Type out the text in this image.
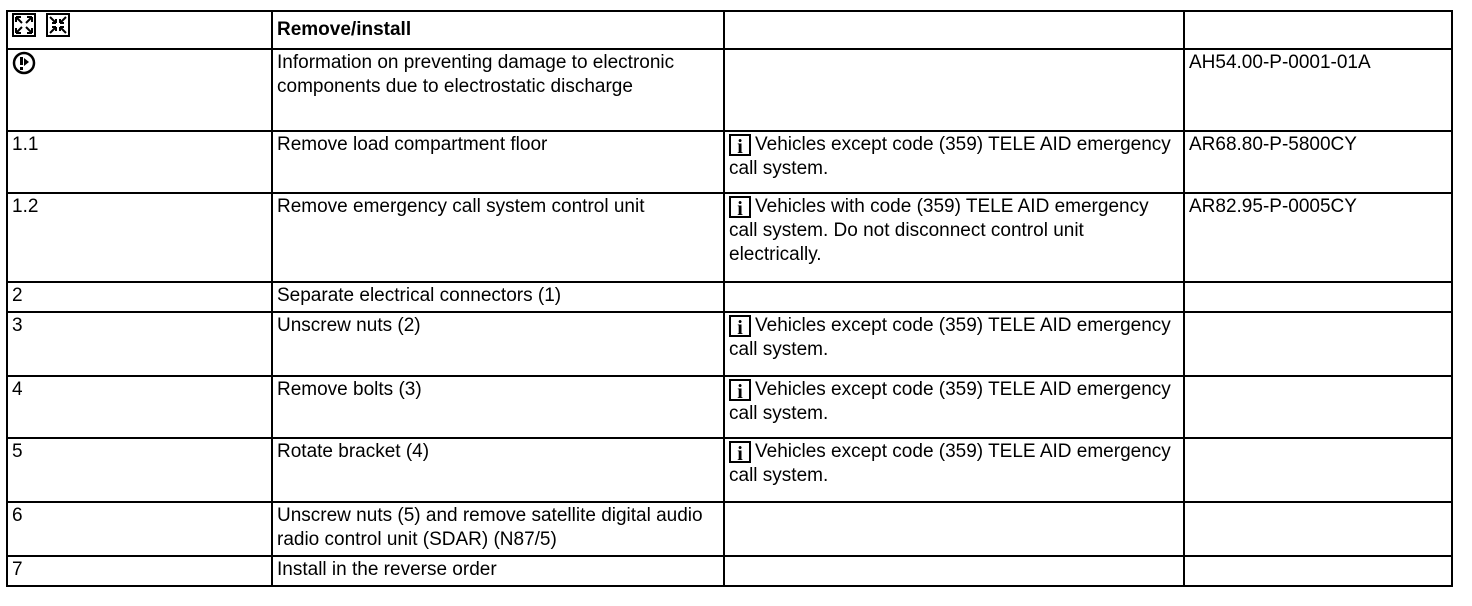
	Remove/install		
	Information on preventing damage to electronic components due to electrostatic discharge		AH54.00-P-0001-01A
1.1	Remove load compartment floor	i Vehicles except code (359) TELE AID emergency call system.	AR68.80-P-5800CY
1.2	Remove emergency call system control unit	i Vehicles with code (359) TELE AID emergency call system. Do not disconnect control unit electrically.	AR82.95-P-0005CY
2	Separate electrical connectors (1)		
3	Unscrew nuts (2)	i Vehicles except code (359) TELE AID emergency call system.	
4	Remove bolts (3)	i Vehicles except code (359) TELE AID emergency call system.	
5	Rotate bracket (4)	i Vehicles except code (359) TELE AID emergency call system.	
6	Unscrew nuts (5) and remove satellite digital audio radio control unit (SDAR) (N87/5)		
7	Install in the reverse order		
